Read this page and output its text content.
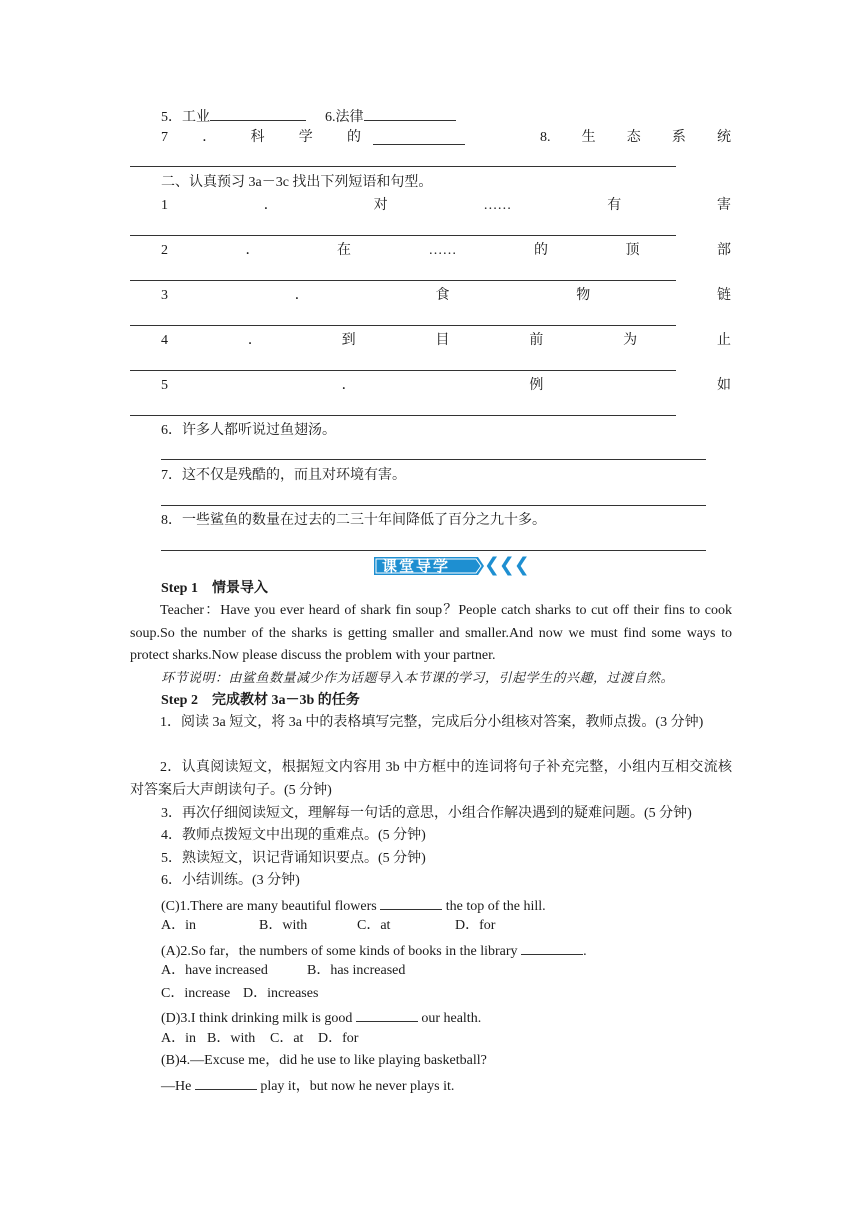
5．工业	6.法律
7 ． 科 学 的	8. 生 态 系 统
二、认真预习 3a－3c 找出下列短语和句型。
1	．	对	……	有	害
2	．	在	……	的	顶	部
3	．	食	物	链
4	．	到	目	前	为	止
5	．	例	如
6．许多人都听说过鱼翅汤。
7．这不仅是残酷的，而且对环境有害。
8．一些鲨鱼的数量在过去的二三十年间降低了百分之九十多。
课堂导学 ❮❮❮
Step 1　情景导入
Teacher：Have you ever heard of shark fin soup？People catch sharks to cut off their fins to cook soup.So the number of the sharks is getting smaller and smaller.And now we must find some ways to protect sharks.Now please discuss the problem with your partner.
环节说明：由鲨鱼数量减少作为话题导入本节课的学习，引起学生的兴趣，过渡自然。
Step 2　完成教材 3a－3b 的任务
1．阅读 3a 短文，将 3a 中的表格填写完整，完成后分小组核对答案，教师点拨。(3 分钟)
2．认真阅读短文，根据短文内容用 3b 中方框中的连词将句子补充完整，小组内互相交流核对答案后大声朗读句子。(5 分钟)
3．再次仔细阅读短文，理解每一句话的意思，小组合作解决遇到的疑难问题。(5 分钟)
4．教师点拨短文中出现的重难点。(5 分钟)
5．熟读短文，识记背诵知识要点。(5 分钟)
6．小结训练。(3 分钟)
(C)1.There are many beautiful flowers	the top of the hill.
A．in	B．with	C．at	D．for
(A)2.So far，the numbers of some kinds of books in the library	.
A．have increased	B．has increased
C．increase D．increases
(D)3.I think drinking milk is good	our health.
A．in B．with C．at D．for
(B)4.—Excuse me，did he use to like playing basketball?
—He	play it，but now he never plays it.
